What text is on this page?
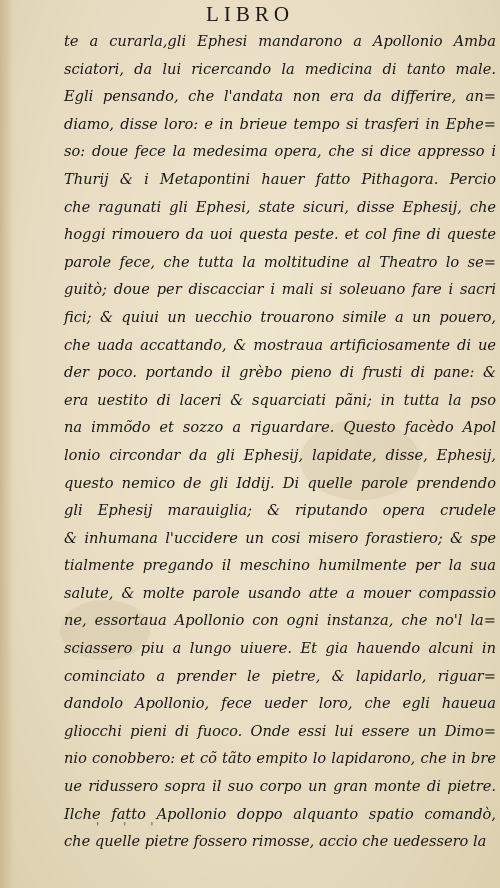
LIBRO
te a curarla,gli Ephesi mandarono a Apollonio Amba
sciatori, da lui ricercando la medicina di tanto male.
Egli pensando, che l'andata non era da differire, an=
diamo, disse loro: e in brieue tempo si trasferi in Ephe=
so: doue fece la medesima opera, che si dice appresso i
Thurij & i Metapontini hauer fatto Pithagora. Percio
che ragunati gli Ephesi, state sicuri, disse Ephesij, che
hoggi rimouero da uoi questa peste. et col fine di queste
parole fece, che tutta la moltitudine al Theatro lo se=
guitò; doue per discacciar i mali si soleuano fare i sacri
fici; & quiui un uecchio trouarono simile a un pouero,
che uada accattando, & mostraua artificiosamente di ue
der poco. portando il grèbo pieno di frusti di pane: &
era uestito di laceri & squarciati pãni; in tutta la pso
na immõdo et sozzo a riguardare. Questo facèdo Apol
lonio circondar da gli Ephesij, lapidate, disse, Ephesij,
questo nemico de gli Iddij. Di quelle parole prendendo
gli Ephesij marauiglia; & riputando opera crudele
& inhumana l'uccidere un cosi misero forastiero; & spe
tialmente pregando il meschino humilmente per la sua
salute, & molte parole usando atte a mouer compassio
ne, essortaua Apollonio con ogni instanza, che no'l la=
sciassero piu a lungo uiuere. Et gia hauendo alcuni in
cominciato a prender le pietre, & lapidarlo, riguar=
dandolo Apollonio, fece ueder loro, che egli haueua
gliocchi pieni di fuoco. Onde essi lui essere un Dimo=
nio conobbero: et cõ tãto empito lo lapidarono, che in bre
ue ridussero sopra il suo corpo un gran monte di pietre.
Ilche fatto Apollonio doppo alquanto spatio comandò,
che quelle pietre fossero rimosse, accio che uedessero la
' ' '
